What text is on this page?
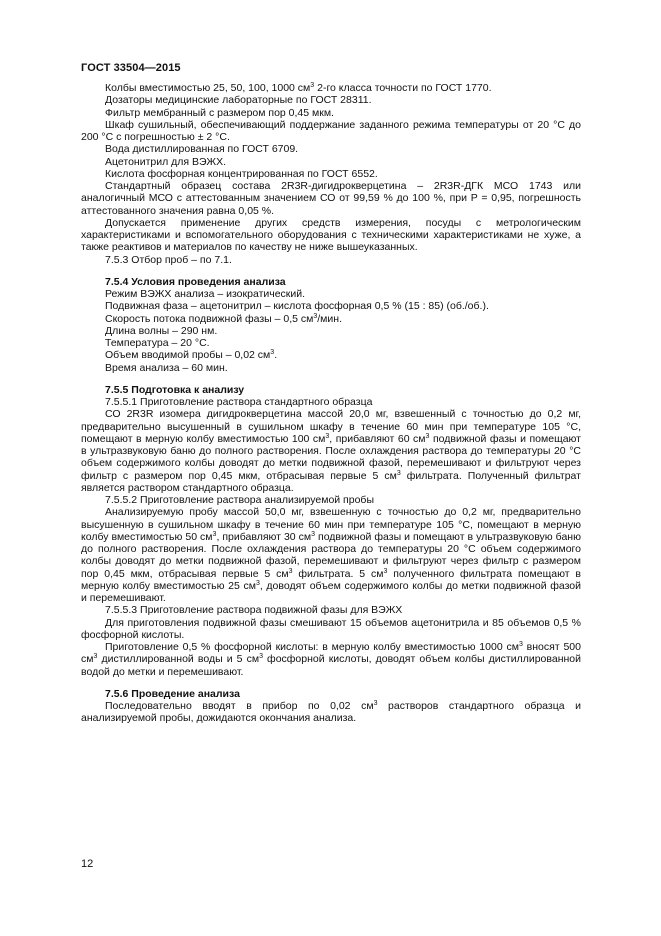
ГОСТ 33504—2015

Колбы вместимостью 25, 50, 100, 1000 $см^3$ 2-го класса точности по ГОСТ 1770.

Дозаторы медицинские лабораторные по ГОСТ 28311.

Фильтр мембранный с размером пор 0,45 мкм.

Шкаф сушильный, обеспечивающий поддержание заданного режима температуры от 20 °С до 200 °С с погрешностью ± 2 °С.

Вода дистиллированная по ГОСТ 6709.

Ацетонитрил для ВЭЖХ.

Кислота фосфорная концентрированная по ГОСТ 6552.

Стандартный образец состава 2R3R-дигидрокверцетина – 2R3R-ДГК МСО 1743 или аналогичный МСО с аттестованным значением СО от 99,59 % до 100 %, при P = 0,95, погрешность аттестованного значения равна 0,05 %.

Допускается применение других средств измерения, посуды с метрологическим характеристиками и вспомогательного оборудования с техническими характеристиками не хуже, а также реактивов и материалов по качеству не ниже вышеуказанных.

7.5.3 Отбор проб – по 7.1.

7.5.4 Условия проведения анализа

Режим ВЭЖХ анализа – изократический.

Подвижная фаза – ацетонитрил – кислота фосфорная 0,5 % (15 : 85) (об./об.).

Скорость потока подвижной фазы – 0,5 $см^3$/мин.

Длина волны – 290 нм.

Температура – 20 °С.

Объем вводимой пробы – 0,02 $см^3$.

Время анализа – 60 мин.

7.5.5 Подготовка к анализу

7.5.5.1 Приготовление раствора стандартного образца

СО 2R3R изомера дигидрокверцетина массой 20,0 мг, взвешенный с точностью до 0,2 мг, предварительно высушенный в сушильном шкафу в течение 60 мин при температуре 105 °С, помещают в мерную колбу вместимостью 100 $см^3$, прибавляют 60 $см^3$ подвижной фазы и помещают в ультразвуковую баню до полного растворения. После охлаждения раствора до температуры 20 °С объем содержимого колбы доводят до метки подвижной фазой, перемешивают и фильтруют через фильтр с размером пор 0,45 мкм, отбрасывая первые 5 $см^3$ фильтрата. Полученный фильтрат является раствором стандартного образца.

7.5.5.2 Приготовление раствора анализируемой пробы

Анализируемую пробу массой 50,0 мг, взвешенную с точностью до 0,2 мг, предварительно высушенную в сушильном шкафу в течение 60 мин при температуре 105 °С, помещают в мерную колбу вместимостью 50 $см^3$, прибавляют 30 $см^3$ подвижной фазы и помещают в ультразвуковую баню до полного растворения. После охлаждения раствора до температуры 20 °С объем содержимого колбы доводят до метки подвижной фазой, перемешивают и фильтруют через фильтр с размером пор 0,45 мкм, отбрасывая первые 5 $см^3$ фильтрата. 5 $см^3$ полученного фильтрата помещают в мерную колбу вместимостью 25 $см^3$, доводят объем содержимого колбы до метки подвижной фазой и перемешивают.

7.5.5.3 Приготовление раствора подвижной фазы для ВЭЖХ

Для приготовления подвижной фазы смешивают 15 объемов ацетонитрила и 85 объемов 0,5 % фосфорной кислоты.

Приготовление 0,5 % фосфорной кислоты: в мерную колбу вместимостью 1000 $см^3$ вносят 500 $см^3$ дистиллированной воды и 5 $см^3$ фосфорной кислоты, доводят объем колбы дистиллированной водой до метки и перемешивают.

7.5.6 Проведение анализа

Последовательно вводят в прибор по 0,02 $см^3$ растворов стандартного образца и анализируемой пробы, дожидаются окончания анализа.

12
